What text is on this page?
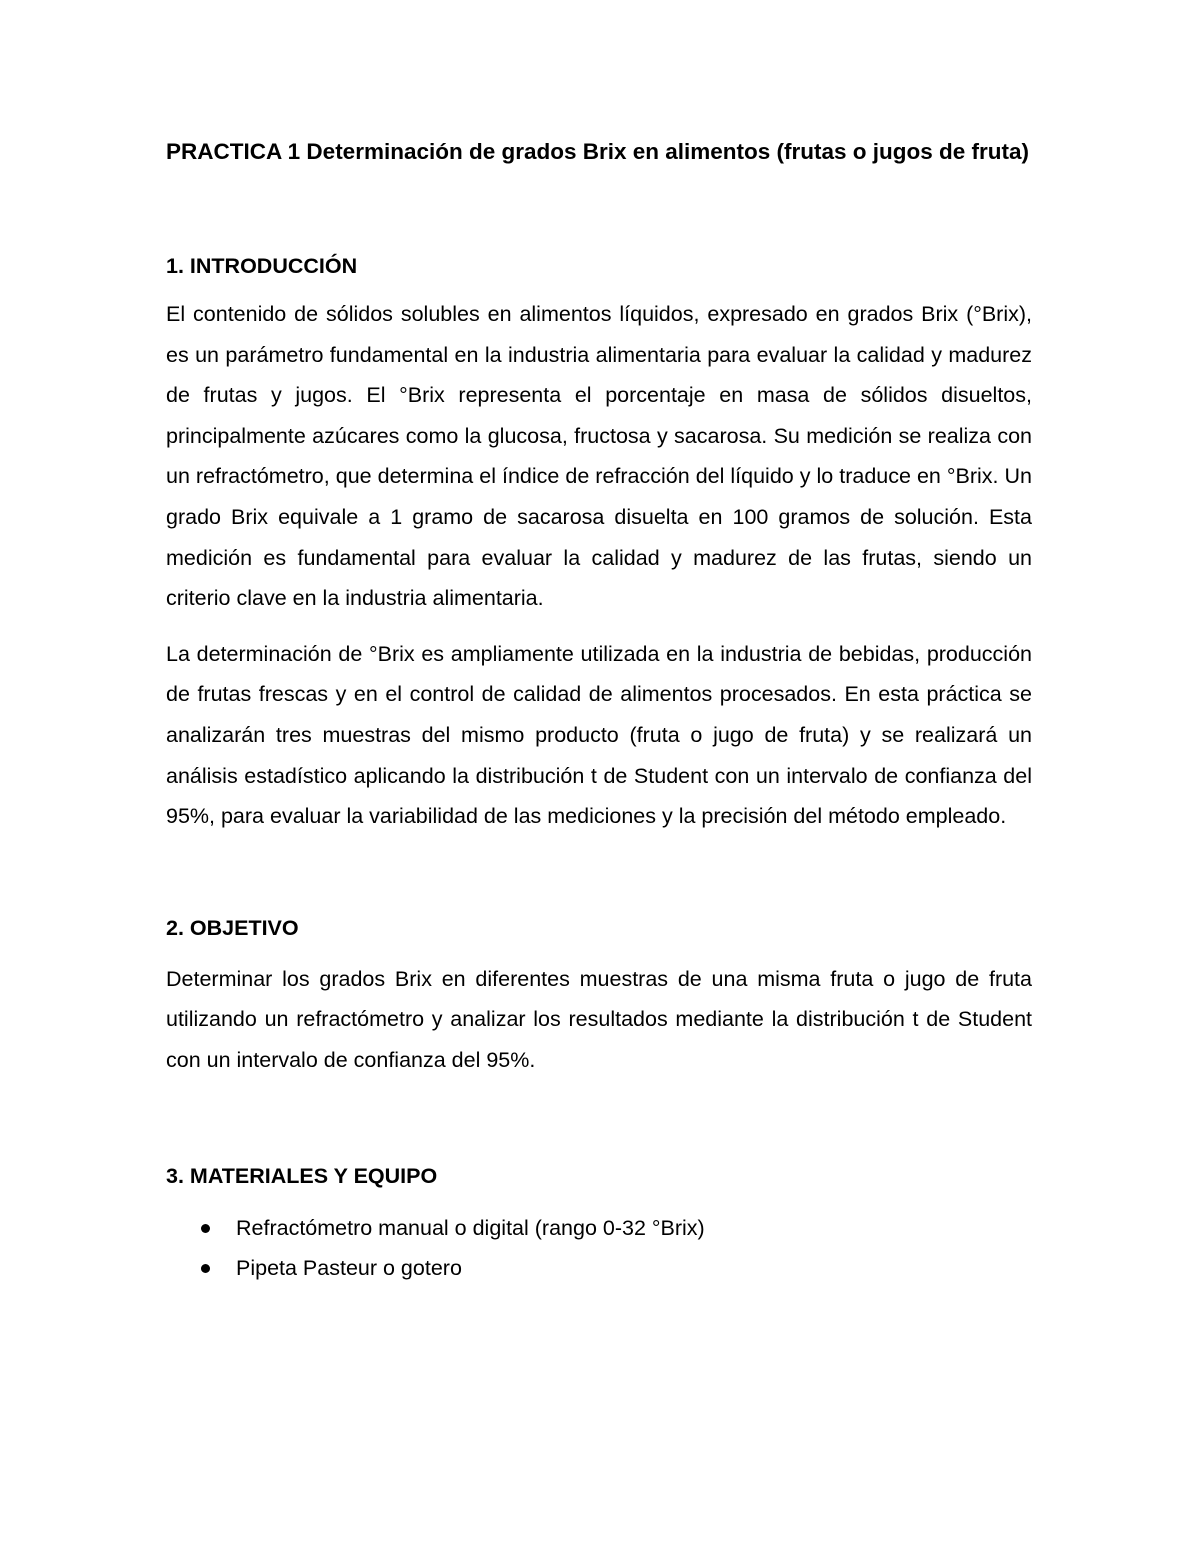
PRACTICA 1 Determinación de grados Brix en alimentos (frutas o jugos de fruta)

1. INTRODUCCIÓN

El contenido de sólidos solubles en alimentos líquidos, expresado en grados Brix (°Brix), es un parámetro fundamental en la industria alimentaria para evaluar la calidad y madurez de frutas y jugos. El °Brix representa el porcentaje en masa de sólidos disueltos, principalmente azúcares como la glucosa, fructosa y sacarosa. Su medición se realiza con un refractómetro, que determina el índice de refracción del líquido y lo traduce en °Brix. Un grado Brix equivale a 1 gramo de sacarosa disuelta en 100 gramos de solución. Esta medición es fundamental para evaluar la calidad y madurez de las frutas, siendo un criterio clave en la industria alimentaria.

La determinación de °Brix es ampliamente utilizada en la industria de bebidas, producción de frutas frescas y en el control de calidad de alimentos procesados. En esta práctica se analizarán tres muestras del mismo producto (fruta o jugo de fruta) y se realizará un análisis estadístico aplicando la distribución t de Student con un intervalo de confianza del 95%, para evaluar la variabilidad de las mediciones y la precisión del método empleado.

2. OBJETIVO

Determinar los grados Brix en diferentes muestras de una misma fruta o jugo de fruta utilizando un refractómetro y analizar los resultados mediante la distribución t de Student con un intervalo de confianza del 95%.

3. MATERIALES Y EQUIPO

Refractómetro manual o digital (rango 0-32 °Brix)
Pipeta Pasteur o gotero
